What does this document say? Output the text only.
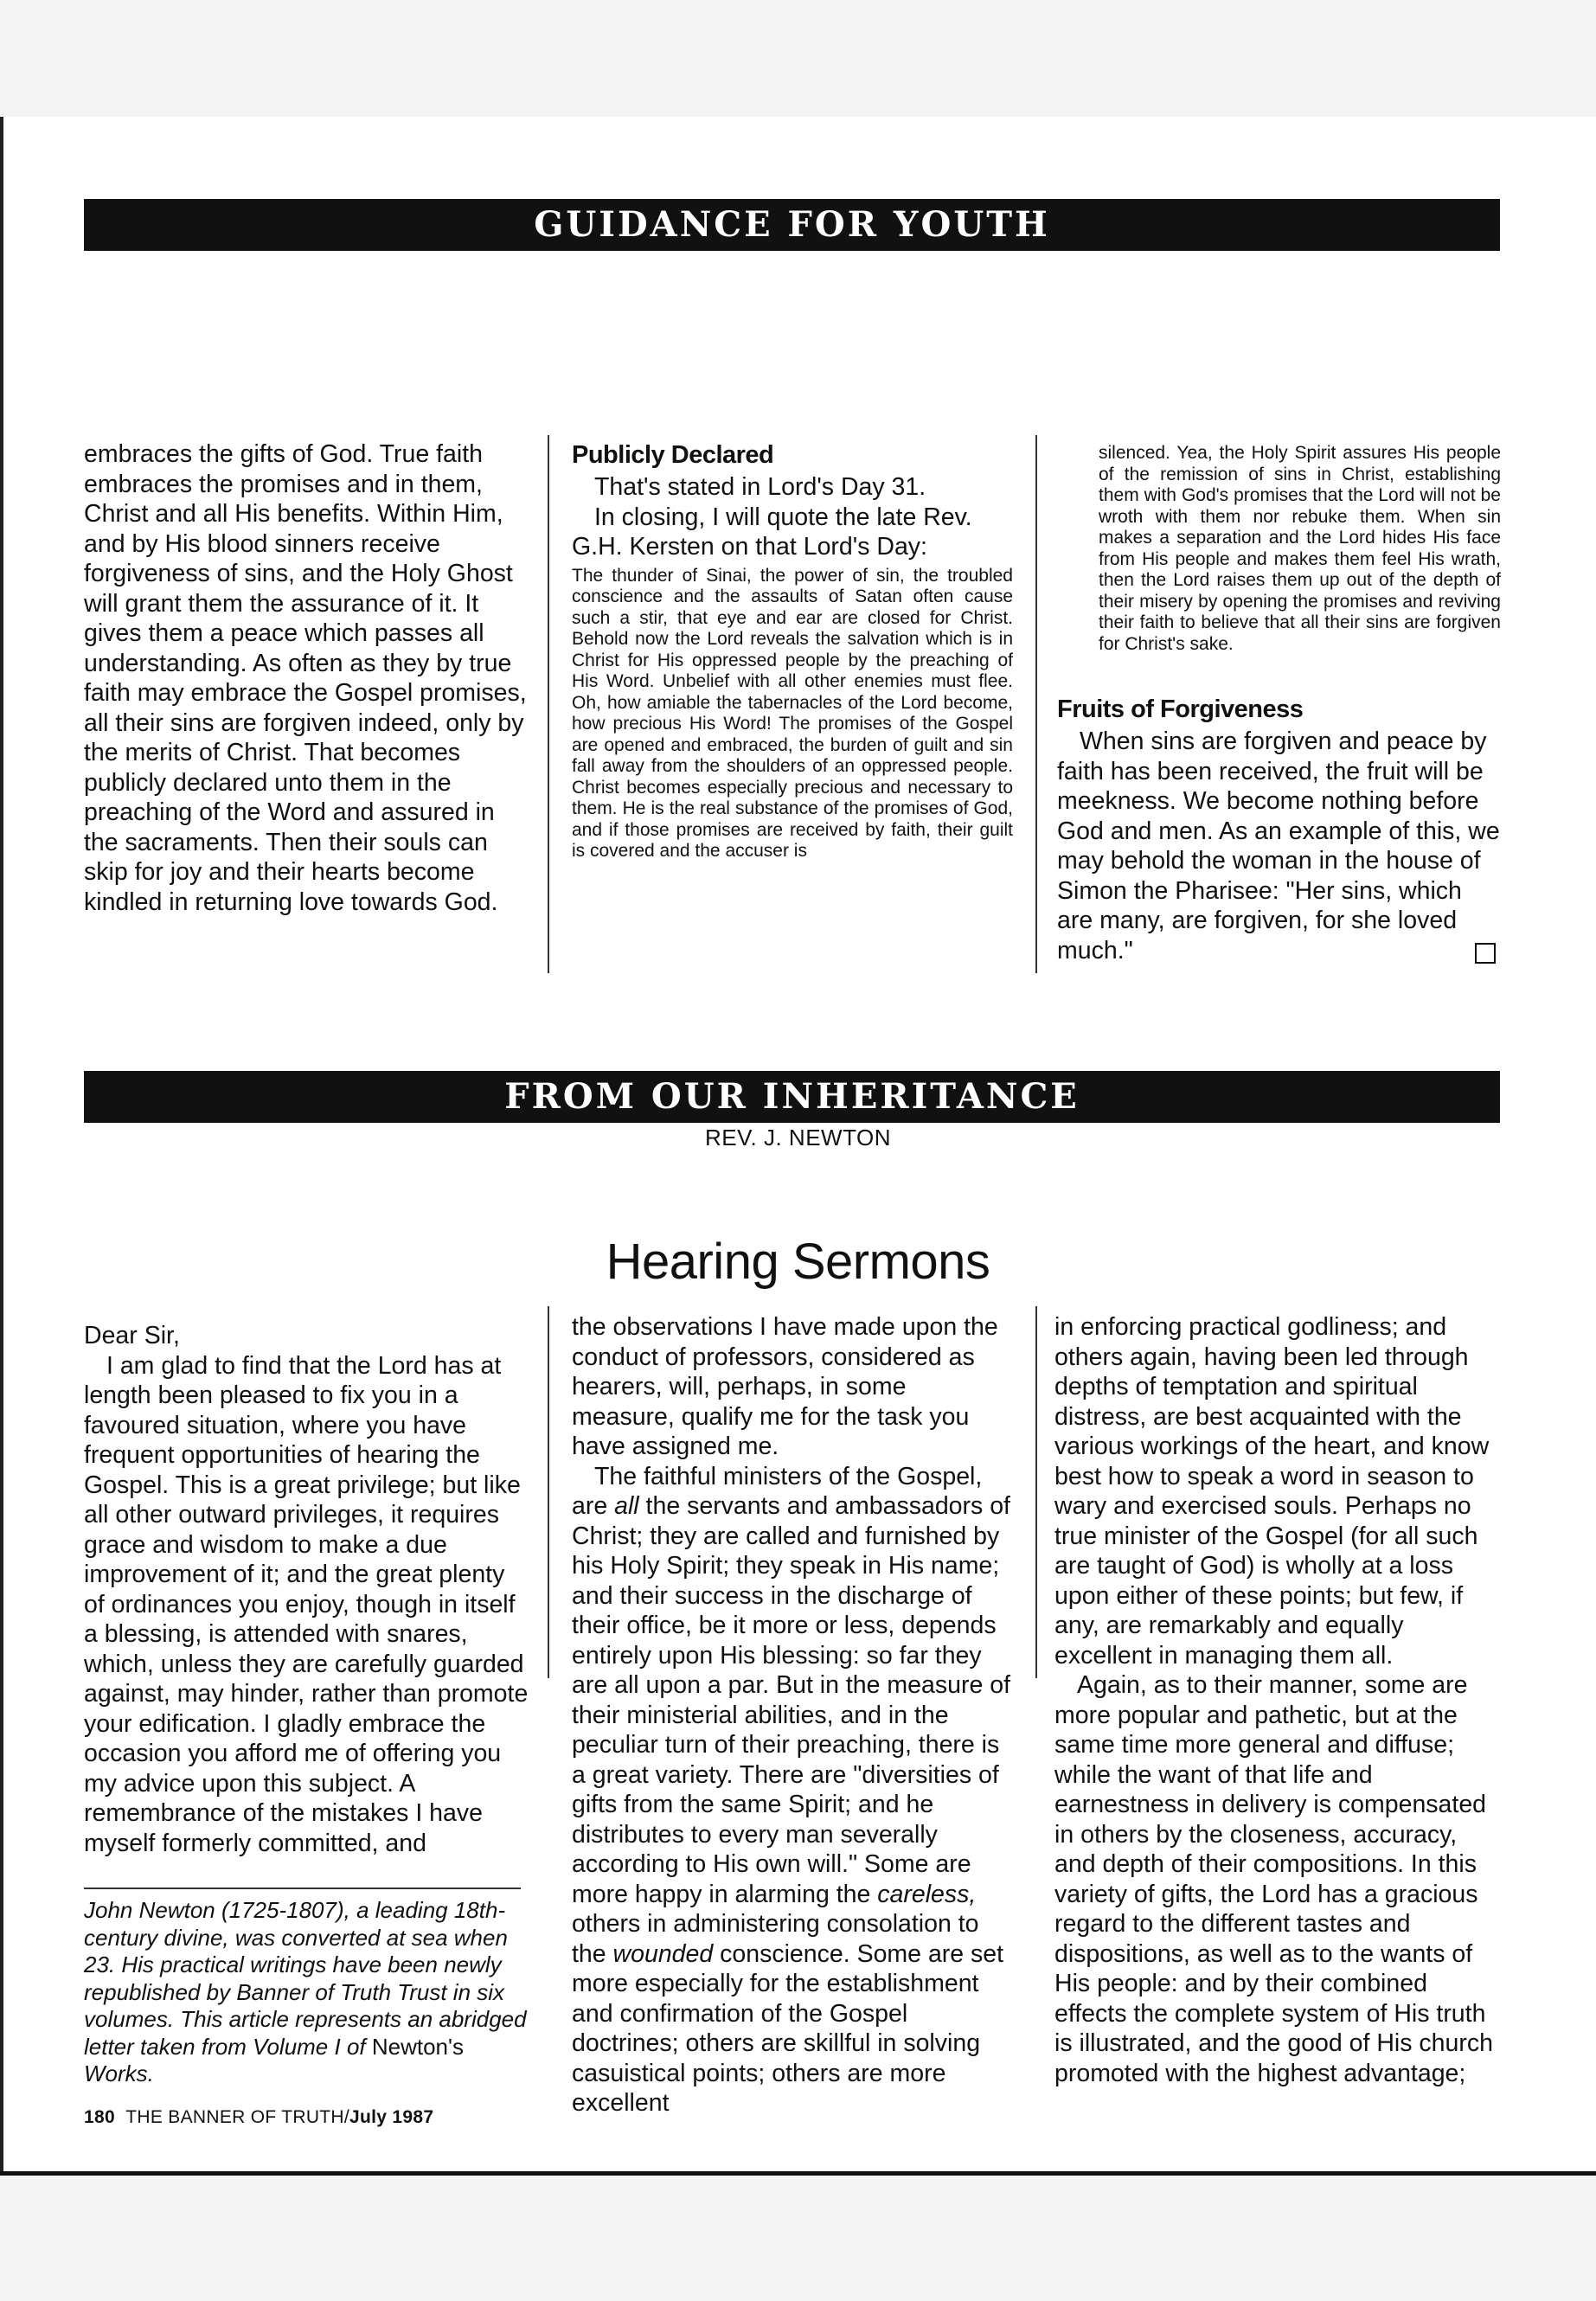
GUIDANCE FOR YOUTH

embraces the gifts of God. True faith embraces the promises and in them, Christ and all His benefits. Within Him, and by His blood sinners receive forgiveness of sins, and the Holy Ghost will grant them the assurance of it. It gives them a peace which passes all understanding. As often as they by true faith may embrace the Gospel promises, all their sins are forgiven indeed, only by the merits of Christ. That becomes publicly declared unto them in the preaching of the Word and assured in the sacraments. Then their souls can skip for joy and their hearts become kindled in returning love towards God.

Publicly Declared

That's stated in Lord's Day 31.

In closing, I will quote the late Rev. G.H. Kersten on that Lord's Day:

The thunder of Sinai, the power of sin, the troubled conscience and the assaults of Satan often cause such a stir, that eye and ear are closed for Christ. Behold now the Lord reveals the salvation which is in Christ for His oppressed people by the preaching of His Word. Unbelief with all other enemies must flee. Oh, how amiable the tabernacles of the Lord become, how precious His Word! The promises of the Gospel are opened and embraced, the burden of guilt and sin fall away from the shoulders of an oppressed people. Christ becomes especially precious and necessary to them. He is the real substance of the promises of God, and if those promises are received by faith, their guilt is covered and the accuser is

silenced. Yea, the Holy Spirit assures His people of the remission of sins in Christ, establishing them with God's promises that the Lord will not be wroth with them nor rebuke them. When sin makes a separation and the Lord hides His face from His people and makes them feel His wrath, then the Lord raises them up out of the depth of their misery by opening the promises and reviving their faith to believe that all their sins are forgiven for Christ's sake.

Fruits of Forgiveness

When sins are forgiven and peace by faith has been received, the fruit will be meekness. We become nothing before God and men. As an example of this, we may behold the woman in the house of Simon the Pharisee: "Her sins, which are many, are forgiven, for she loved much."

FROM OUR INHERITANCE
REV. J. NEWTON
Hearing Sermons

Dear Sir,

I am glad to find that the Lord has at length been pleased to fix you in a favoured situation, where you have frequent opportunities of hearing the Gospel. This is a great privilege; but like all other outward privileges, it requires grace and wisdom to make a due improvement of it; and the great plenty of ordinances you enjoy, though in itself a blessing, is attended with snares, which, unless they are carefully guarded against, may hinder, rather than promote your edification. I gladly embrace the occasion you afford me of offering you my advice upon this subject. A remembrance of the mistakes I have myself formerly committed, and

John Newton (1725-1807), a leading 18th-century divine, was converted at sea when 23. His practical writings have been newly republished by Banner of Truth Trust in six volumes. This article represents an abridged letter taken from Volume I of Newton's Works.

the observations I have made upon the conduct of professors, considered as hearers, will, perhaps, in some measure, qualify me for the task you have assigned me.

The faithful ministers of the Gospel, are all the servants and ambassadors of Christ; they are called and furnished by his Holy Spirit; they speak in His name; and their success in the discharge of their office, be it more or less, depends entirely upon His blessing: so far they are all upon a par. But in the measure of their ministerial abilities, and in the peculiar turn of their preaching, there is a great variety. There are "diversities of gifts from the same Spirit; and he distributes to every man severally according to His own will." Some are more happy in alarming the careless, others in administering consolation to the wounded conscience. Some are set more especially for the establishment and confirmation of the Gospel doctrines; others are skillful in solving casuistical points; others are more excellent

in enforcing practical godliness; and others again, having been led through depths of temptation and spiritual distress, are best acquainted with the various workings of the heart, and know best how to speak a word in season to wary and exercised souls. Perhaps no true minister of the Gospel (for all such are taught of God) is wholly at a loss upon either of these points; but few, if any, are remarkably and equally excellent in managing them all.

Again, as to their manner, some are more popular and pathetic, but at the same time more general and diffuse; while the want of that life and earnestness in delivery is compensated in others by the closeness, accuracy, and depth of their compositions. In this variety of gifts, the Lord has a gracious regard to the different tastes and dispositions, as well as to the wants of His people: and by their combined effects the complete system of His truth is illustrated, and the good of His church promoted with the highest advantage;

180 THE BANNER OF TRUTH/July 1987
